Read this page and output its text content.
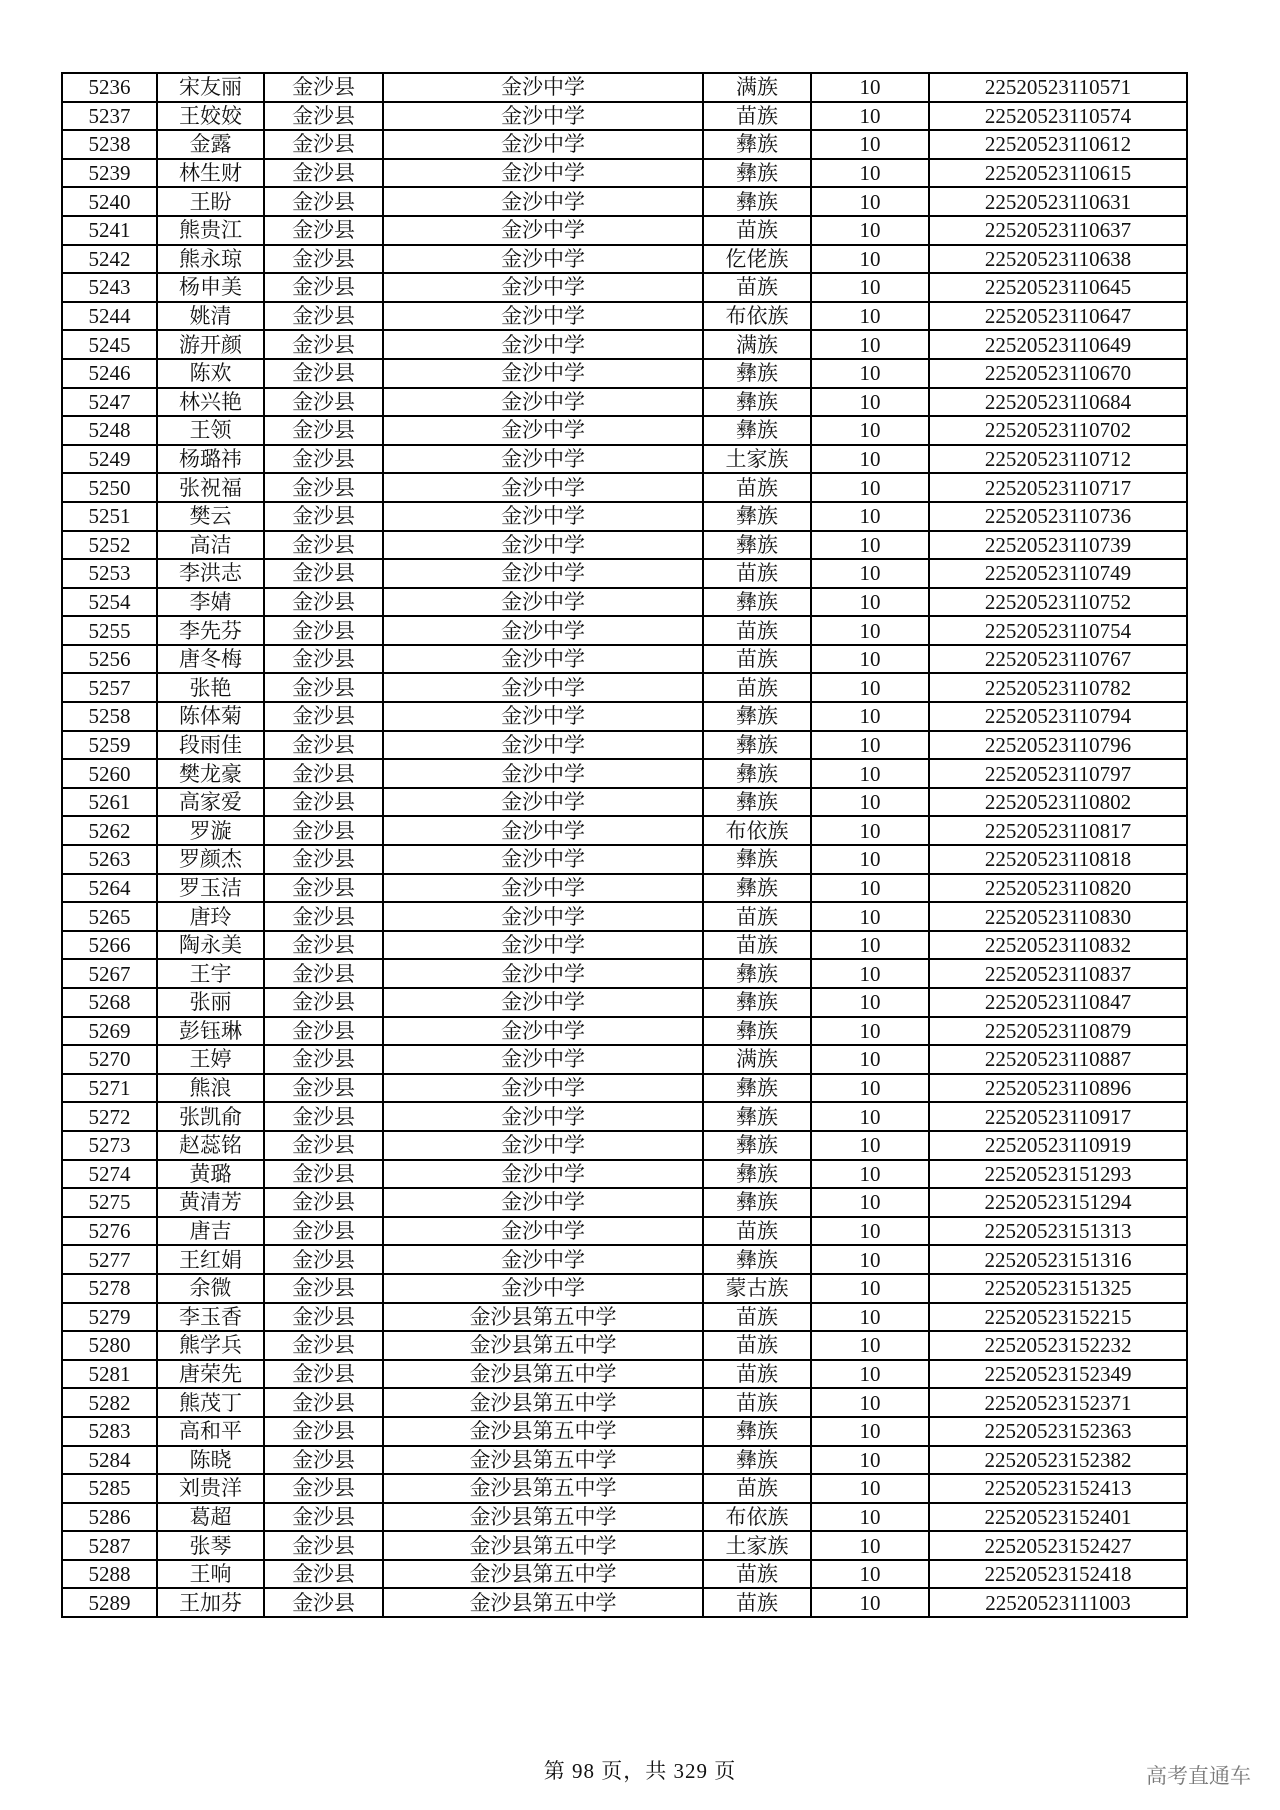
5236	宋友丽	金沙县	金沙中学	满族	10	22520523110571
5237	王姣姣	金沙县	金沙中学	苗族	10	22520523110574
5238	金露	金沙县	金沙中学	彝族	10	22520523110612
5239	林生财	金沙县	金沙中学	彝族	10	22520523110615
5240	王盼	金沙县	金沙中学	彝族	10	22520523110631
5241	熊贵江	金沙县	金沙中学	苗族	10	22520523110637
5242	熊永琼	金沙县	金沙中学	仡佬族	10	22520523110638
5243	杨申美	金沙县	金沙中学	苗族	10	22520523110645
5244	姚清	金沙县	金沙中学	布依族	10	22520523110647
5245	游开颜	金沙县	金沙中学	满族	10	22520523110649
5246	陈欢	金沙县	金沙中学	彝族	10	22520523110670
5247	林兴艳	金沙县	金沙中学	彝族	10	22520523110684
5248	王领	金沙县	金沙中学	彝族	10	22520523110702
5249	杨璐祎	金沙县	金沙中学	土家族	10	22520523110712
5250	张祝福	金沙县	金沙中学	苗族	10	22520523110717
5251	樊云	金沙县	金沙中学	彝族	10	22520523110736
5252	高洁	金沙县	金沙中学	彝族	10	22520523110739
5253	李洪志	金沙县	金沙中学	苗族	10	22520523110749
5254	李婧	金沙县	金沙中学	彝族	10	22520523110752
5255	李先芬	金沙县	金沙中学	苗族	10	22520523110754
5256	唐冬梅	金沙县	金沙中学	苗族	10	22520523110767
5257	张艳	金沙县	金沙中学	苗族	10	22520523110782
5258	陈体菊	金沙县	金沙中学	彝族	10	22520523110794
5259	段雨佳	金沙县	金沙中学	彝族	10	22520523110796
5260	樊龙豪	金沙县	金沙中学	彝族	10	22520523110797
5261	高家爱	金沙县	金沙中学	彝族	10	22520523110802
5262	罗漩	金沙县	金沙中学	布依族	10	22520523110817
5263	罗颜杰	金沙县	金沙中学	彝族	10	22520523110818
5264	罗玉洁	金沙县	金沙中学	彝族	10	22520523110820
5265	唐玲	金沙县	金沙中学	苗族	10	22520523110830
5266	陶永美	金沙县	金沙中学	苗族	10	22520523110832
5267	王宇	金沙县	金沙中学	彝族	10	22520523110837
5268	张丽	金沙县	金沙中学	彝族	10	22520523110847
5269	彭钰琳	金沙县	金沙中学	彝族	10	22520523110879
5270	王婷	金沙县	金沙中学	满族	10	22520523110887
5271	熊浪	金沙县	金沙中学	彝族	10	22520523110896
5272	张凯俞	金沙县	金沙中学	彝族	10	22520523110917
5273	赵蕊铭	金沙县	金沙中学	彝族	10	22520523110919
5274	黄璐	金沙县	金沙中学	彝族	10	22520523151293
5275	黄清芳	金沙县	金沙中学	彝族	10	22520523151294
5276	唐吉	金沙县	金沙中学	苗族	10	22520523151313
5277	王红娟	金沙县	金沙中学	彝族	10	22520523151316
5278	余微	金沙县	金沙中学	蒙古族	10	22520523151325
5279	李玉香	金沙县	金沙县第五中学	苗族	10	22520523152215
5280	熊学兵	金沙县	金沙县第五中学	苗族	10	22520523152232
5281	唐荣先	金沙县	金沙县第五中学	苗族	10	22520523152349
5282	熊茂丁	金沙县	金沙县第五中学	苗族	10	22520523152371
5283	高和平	金沙县	金沙县第五中学	彝族	10	22520523152363
5284	陈晓	金沙县	金沙县第五中学	彝族	10	22520523152382
5285	刘贵洋	金沙县	金沙县第五中学	苗族	10	22520523152413
5286	葛超	金沙县	金沙县第五中学	布依族	10	22520523152401
5287	张琴	金沙县	金沙县第五中学	土家族	10	22520523152427
5288	王响	金沙县	金沙县第五中学	苗族	10	22520523152418
5289	王加芬	金沙县	金沙县第五中学	苗族	10	22520523111003
第 98 页，共 329 页	高考直通车
